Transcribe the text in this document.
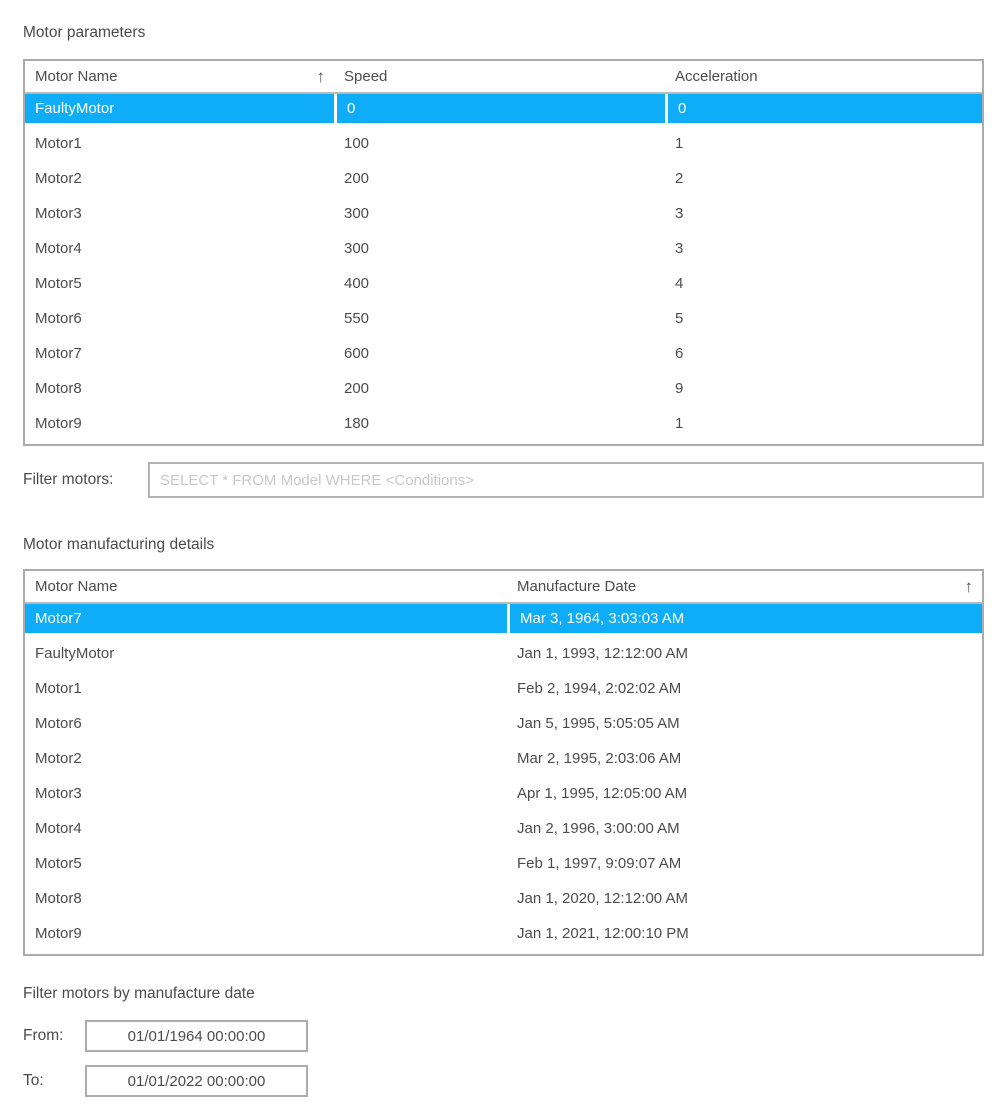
Motor parameters
Motor Name	↑ Speed	Acceleration
FaultyMotor	0	0
Motor1	100	1
Motor2	200	2
Motor3	300	3
Motor4	300	3
Motor5	400	4
Motor6	550	5
Motor7	600	6
Motor8	200	9
Motor9	180	1
Filter motors:
SELECT * FROM Model WHERE <Conditions>
Motor manufacturing details
Motor Name	Manufacture Date	↑
Motor7	Mar 3, 1964, 3:03:03 AM
FaultyMotor	Jan 1, 1993, 12:12:00 AM
Motor1	Feb 2, 1994, 2:02:02 AM
Motor6	Jan 5, 1995, 5:05:05 AM
Motor2	Mar 2, 1995, 2:03:06 AM
Motor3	Apr 1, 1995, 12:05:00 AM
Motor4	Jan 2, 1996, 3:00:00 AM
Motor5	Feb 1, 1997, 9:09:07 AM
Motor8	Jan 1, 2020, 12:12:00 AM
Motor9	Jan 1, 2021, 12:00:10 PM
Filter motors by manufacture date
From:
01/01/1964 00:00:00
To:
01/01/2022 00:00:00
